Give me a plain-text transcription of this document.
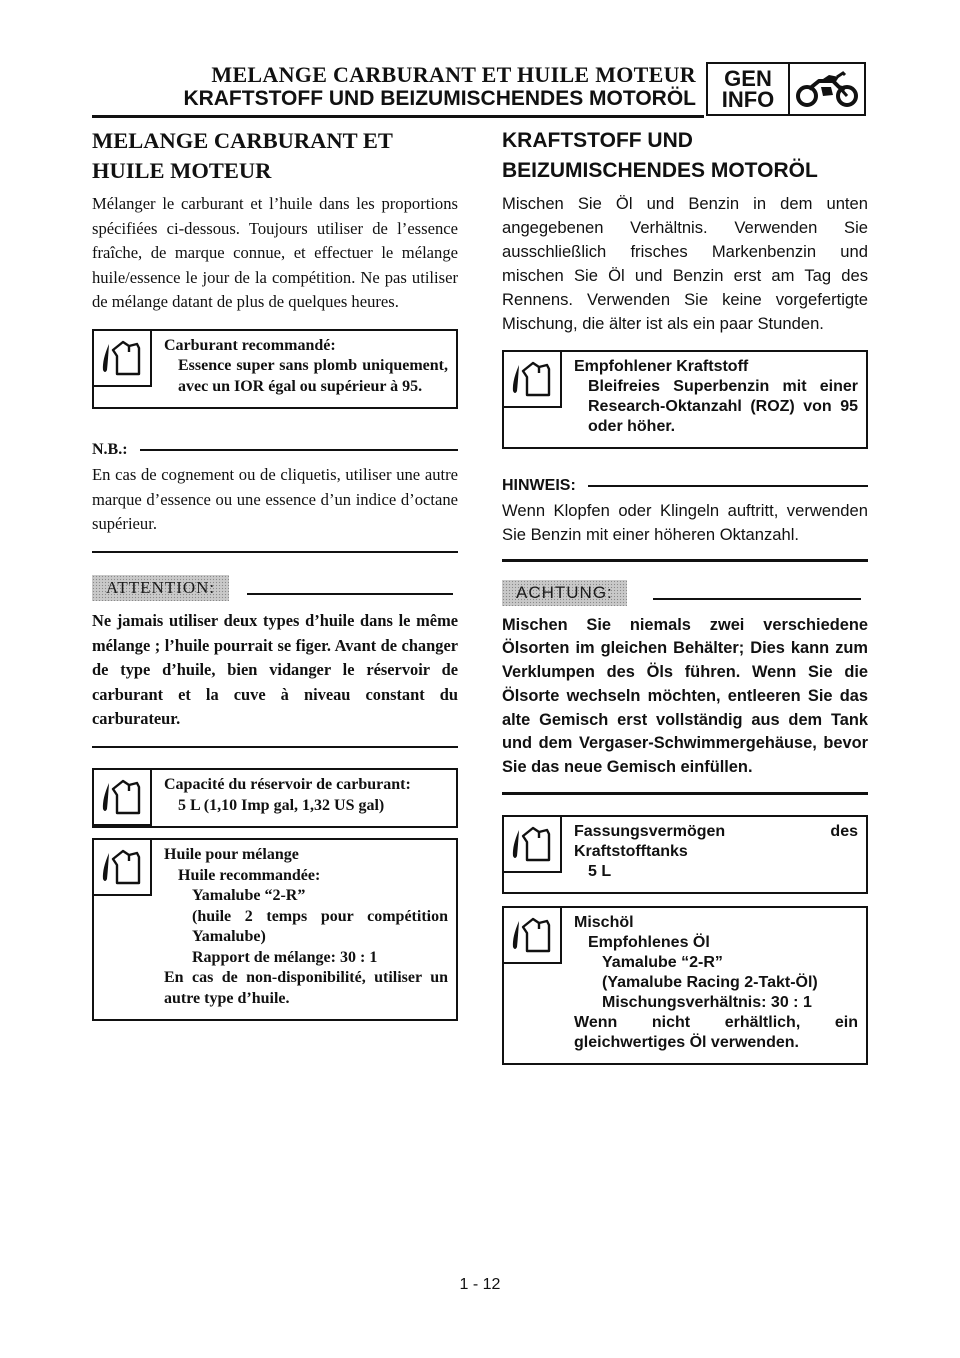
MELANGE CARBURANT ET HUILE MOTEUR
KRAFTSTOFF UND BEIZUMISCHENDES MOTORÖL
GEN
INFO
MELANGE CARBURANT ET
HUILE MOTEUR

Mélanger le carburant et l’huile dans les proportions spécifiées ci-dessous. Toujours utiliser de l’essence fraîche, de marque connue, et effectuer le mélange huile/essence le jour de la compétition. Ne pas utiliser de mélange datant de plus de quelques heures.

Carburant recommandé:
Essence super sans plomb uniquement, avec un IOR égal ou supérieur à 95.
N.B.:

En cas de cognement ou de cliquetis, utiliser une autre marque d’essence ou une essence d’un indice d’octane supérieur.

ATTENTION:

Ne jamais utiliser deux types d’huile dans le même mélange ; l’huile pourrait se figer. Avant de changer de type d’huile, bien vidanger le réservoir de carburant et la cuve à niveau constant du carburateur.

Capacité du réservoir de carburant:
5 L (1,10 Imp gal, 1,32 US gal)
Huile pour mélange
Huile recommandée:
Yamalube “2-R”
(huile 2 temps pour compétition Yamalube)
Rapport de mélange: 30 : 1
En cas de non-disponibilité, utiliser un autre type d’huile.
KRAFTSTOFF UND
BEIZUMISCHENDES MOTORÖL

Mischen Sie Öl und Benzin in dem unten angegebenen Verhältnis. Verwenden Sie ausschließlich frisches Markenbenzin und mischen Sie Öl und Benzin erst am Tag des Rennens. Verwenden Sie keine vorgefertigte Mischung, die älter ist als ein paar Stunden.

Empfohlener Kraftstoff
Bleifreies Superbenzin mit einer Research-Oktanzahl (ROZ) von 95 oder höher.
HINWEIS:

Wenn Klopfen oder Klingeln auftritt, verwenden Sie Benzin mit einer höheren Oktanzahl.

ACHTUNG:

Mischen Sie niemals zwei verschiedene Ölsorten im gleichen Behälter; Dies kann zum Verklumpen des Öls führen. Wenn Sie die Ölsorte wechseln möchten, entleeren Sie das alte Gemisch erst vollständig aus dem Tank und dem Vergaser-Schwimmergehäuse, bevor Sie das neue Gemisch einfüllen.

Fassungsvermögen des Kraftstofftanks
5 L
Mischöl
Empfohlenes Öl
Yamalube “2-R”
(Yamalube Racing 2-Takt-Öl)
Mischungsverhältnis: 30 : 1
Wenn nicht erhältlich, ein gleichwertiges Öl verwenden.
1 - 12
